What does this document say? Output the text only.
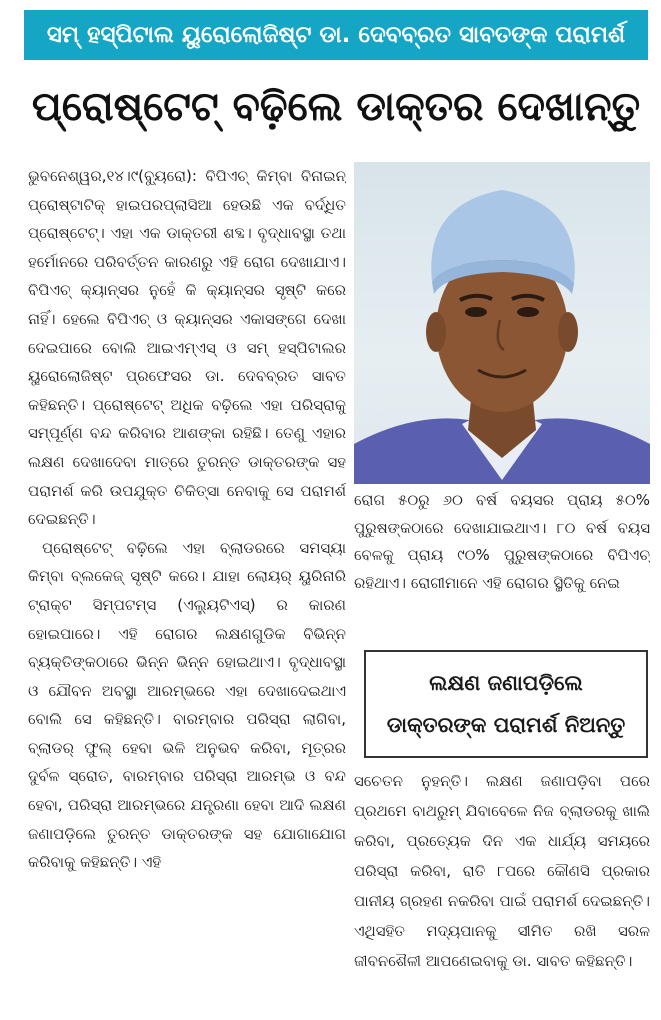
ସମ୍ ହସ୍ପିଟାଲ ୟୁରୋଲୋଜିଷ୍ଟ ଡା. ଦେବବ୍ରତ ସାବତଙ୍କ ପରାମର୍ଶ
ପ୍ରୋଷ୍ଟେଟ୍ ବଢ଼ିଲେ ଡାକ୍ତର ଦେଖାନ୍ତୁ

ଭୁବନେଶ୍ୱର,୧୪।୯(ବ୍ୟୁରୋ): ବିପିଏଚ୍ କିମ୍ବା ବିନାଇନ୍ ପ୍ରୋଷ୍ଟାଟିକ୍ ହାଇପରପ୍ଲାସିଆ ହେଉଛି ଏକ ବର୍ଦ୍ଧିତ ପ୍ରୋଷ୍ଟେଟ୍। ଏହା ଏକ ଡାକ୍ତରୀ ଶବ୍ଦ। ବୃଦ୍ଧାବସ୍ଥା ତଥା ହର୍ମୋନରେ ପରିବର୍ତ୍ତନ କାରଣରୁ ଏହି ରୋଗ ଦେଖାଯାଏ। ବିପିଏଚ୍ କ୍ୟାନ୍ସର ନୁହେଁ କି କ୍ୟାନ୍ସର ସୃଷ୍ଟି କରେ ନାହିଁ। ହେଲେ ବିପିଏଚ୍ ଓ କ୍ୟାନ୍ସର ଏକାସଙ୍ଗେ ଦେଖା ଦେଇପାରେ ବୋଲି ଆଇଏମ୍ଏସ୍ ଓ ସମ୍ ହସ୍ପିଟାଲର ୟୁରୋଲୋଜିଷ୍ଟ ପ୍ରଫେସର ଡା. ଦେବବ୍ରତ ସାବତ କହିଛନ୍ତି। ପ୍ରୋଷ୍ଟେଟ୍ ଅଧିକ ବଢ଼ିଲେ ଏହା ପରିସ୍ରାକୁ ସମ୍ପୂର୍ଣ୍ଣ ବନ୍ଦ କରିବାର ଆଶଙ୍କା ରହିଛି। ତେଣୁ ଏହାର ଲକ୍ଷଣ ଦେଖାଦେବା ମାତ୍ରେ ତୁରନ୍ତ ଡାକ୍ତରଙ୍କ ସହ ପରାମର୍ଶ କରି ଉପଯୁକ୍ତ ଚିକିତ୍ସା ନେବାକୁ ସେ ପରାମର୍ଶ ଦେଇଛନ୍ତି।

ପ୍ରୋଷ୍ଟେଟ୍ ବଢ଼ିଲେ ଏହା ବ୍ଲାଡରରେ ସମସ୍ୟା କିମ୍ବା ବ୍ଲକେଜ୍ ସୃଷ୍ଟି କରେ। ଯାହା ଲୋୟର୍ ୟୁରିନାରି ଟ୍ରାକ୍ଟ ସିମ୍ପଟମ୍ସ (ଏଲ୍ୟୁଟିଏସ୍) ର କାରଣ ହୋଇପାରେ। ଏହି ରୋଗର ଲକ୍ଷଣଗୁଡିକ ବିଭିନ୍ନ ବ୍ୟକ୍ତିଙ୍କଠାରେ ଭିନ୍ନ ଭିନ୍ନ ହୋଇଥାଏ। ବୃଦ୍ଧାବସ୍ଥା ଓ ଯୌବନ ଅବସ୍ଥା ଆରମ୍ଭରେ ଏହା ଦେଖାଦେଇଥାଏ ବୋଲି ସେ କହିଛନ୍ତି। ବାରମ୍ବାର ପରିସ୍ରା ଲାଗିବା, ବ୍ଲାଡର୍ ଫୁଲ୍ ହେବା ଭଳି ଅନୁଭବ କରିବା, ମୂତ୍ରର ଦୁର୍ବଳ ସ୍ରୋତ, ବାରମ୍ବାର ପରିସ୍ରା ଆରମ୍ଭ ଓ ବନ୍ଦ ହେବା, ପରିସ୍ରା ଆରମ୍ଭରେ ଯନ୍ତ୍ରଣା ହେବା ଆଦି ଲକ୍ଷଣ ଜଣାପଡ଼ିଲେ ତୁରନ୍ତ ଡାକ୍ତରଙ୍କ ସହ ଯୋଗାଯୋଗ କରିବାକୁ କହିଛନ୍ତି। ଏହି

ରୋଗ ୫୦ରୁ ୬୦ ବର୍ଷ ବୟସର ପ୍ରାୟ ୫୦% ପୁରୁଷଙ୍କଠାରେ ଦେଖାଯାଇଥାଏ। ୮୦ ବର୍ଷ ବୟସ ବେଳକୁ ପ୍ରାୟ ୯୦% ପୁରୁଷଙ୍କଠାରେ ବିପିଏଚ୍ ରହିଥାଏ। ରୋଗୀମାନେ ଏହି ରୋଗର ସ୍ଥିତିକୁ ନେଇ

ଲକ୍ଷଣ ଜଣାପଡ଼ିଲେ
ଡାକ୍ତରଙ୍କ ପରାମର୍ଶ ନିଅନ୍ତୁ

ସଚେତନ ନୁହନ୍ତି। ଲକ୍ଷଣ ଜଣାପଡ଼ିବା ପରେ ପ୍ରଥମେ ବାଥରୁମ୍ ଯିବାବେଳେ ନିଜ ବ୍ଲାଡରକୁ ଖାଲି କରିବା, ପ୍ରତ୍ୟେକ ଦିନ ଏକ ଧାର୍ଯ୍ୟ ସମୟରେ ପରିସ୍ରା କରିବା, ରାତି ୮ପରେ କୌଣସି ପ୍ରକାର ପାନୀୟ ଗ୍ରହଣ ନକରିବା ପାଇଁ ପରାମର୍ଶ ଦେଇଛନ୍ତି। ଏଥିସହିତ ମଦ୍ୟପାନକୁ ସୀମିତ ରଖି ସରଳ ଜୀବନଶୈଳୀ ଆପଣେଇବାକୁ ଡା. ସାବତ କହିଛନ୍ତି।
